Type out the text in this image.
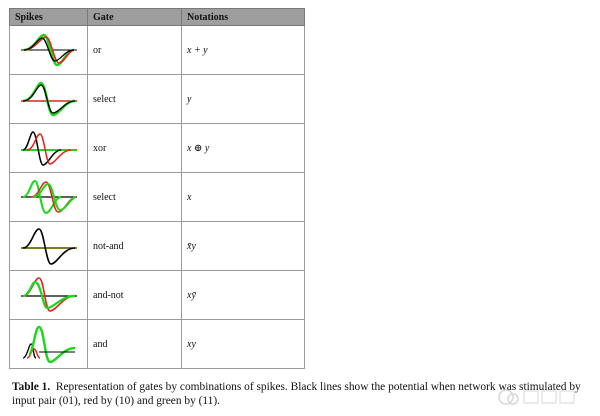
Spikes	Gate	Notations

	or	x + y

	select	y

	xor	x ⊕ y

	select	x

	not-and	x̄y

	and-not	xȳ

	and	xy
Table 1. Representation of gates by combinations of spikes. Black lines show the potential when network was stimulated by input pair (01), red by (10) and green by (11).
